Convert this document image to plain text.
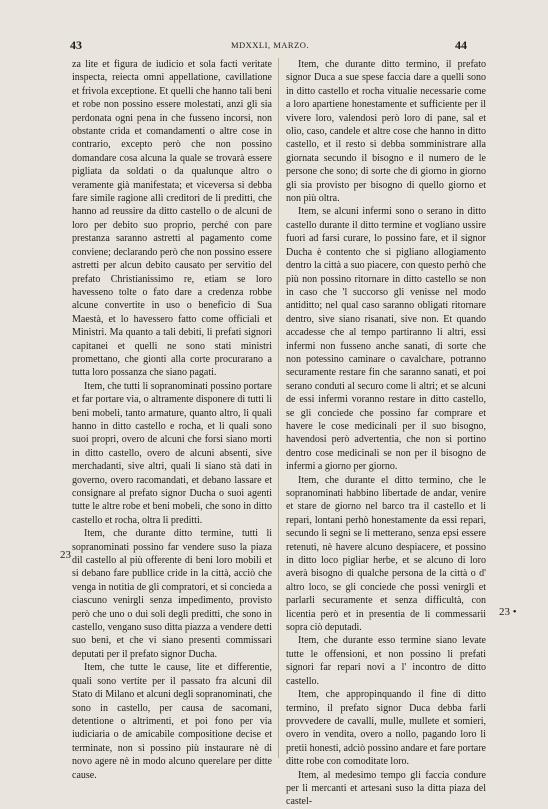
43	MDXXLI, MARZO.	44

za lite et figura de iudicio et sola facti veritate inspecta, reiecta omni appellatione, cavillatione et frivola exceptione. Et quelli che hanno tali beni et robe non possino essere molestati, anzi gli sia perdonata ogni pena in che fusseno incorsi, non obstante crida et comandamenti o altre cose in contrario, excepto però che non possino domandare cosa alcuna la quale se trovarà essere pigliata da soldati o da qualunque altro o veramente già manifestata; et viceversa si debba fare simile ragione alli creditori de li preditti, che hanno ad reussire da ditto castello o de alcuni de loro per debito suo proprio, perché con pare prestanza saranno astretti al pagamento come conviene; declarando però che non possino essere astretti per alcun debito causato per servitio del prefato Christianissimo re, etiam se loro havesseno tolte o fato dare a credenza robbe alcune convertite in uso o beneficio di Sua Maestà, et lo havessero fatto come officiali et Ministri. Ma quanto a tali debiti, li prefati signori capitanei et quelli ne sono stati ministri promettano, che gionti alla corte procurarano a tutta loro possanza che siano pagati.

Item, che tutti li sopranominati possino portare et far portare via, o altramente disponere di tutti li beni mobeli, tanto armature, quanto altro, li quali hanno in ditto castello e rocha, et li quali sono suoi propri, overo de alcuni che forsi siano morti in ditto castello, overo de alcuni absenti, sive merchadanti, sive altri, quali li siano stà dati in governo, overo racomandati, et debano lassare et consignare al prefato signor Ducha o suoi agenti tutte le altre robe et beni mobeli, che sono in ditto castello et rocha, oltra li preditti.

Item, che durante ditto termine, tutti li sopranominati possino far vendere suso la piaza dil castello al più offerente di beni loro mobili et si debano fare publlice cride in la città, acciò che venga in notitia de gli compratori, et si concieda a ciascuno venirgli senza impedimento, provisto però che uno o dui soli degli preditti, che sono in castello, vengano suso ditta piazza a vendere detti suo beni, et che vi siano presenti commissari deputati per il prefato signor Ducha.

Item, che tutte le cause, lite et differentie, quali sono vertite per il passato fra alcuni dil Stato di Milano et alcuni degli sopranominati, che sono in castello, per causa de sacomani, detentione o altrimenti, et poi fono per via iudiciaria o de amicabile compositione decise et terminate, non si possino più instaurare nè di novo agere nè in modo alcuno querelare per ditte cause.

Item, che durante ditto termino, il prefato signor Duca a sue spese faccia dare a quelli sono in ditto castello et rocha vitualie necessarie come a loro apartiene honestamente et sufficiente per il vivere loro, valendosi però loro di pane, sal et olio, caso, candele et altre cose che hanno in ditto castello, et il resto si debba somministrare alla giornata secundo il bisogno e il numero de le persone che sono; di sorte che di giorno in giorno gli sia provisto per bisogno di quello giorno et non più oltra.

Item, se alcuni infermi sono o serano in ditto castello durante il ditto termine et vogliano ussire fuori ad farsi curare, lo possino fare, et il signor Ducha è contento che si pigliano allogiamento dentro la città a suo piacere, con questo perhò che più non possino ritornare in ditto castello se non in caso che 'l succorso gli venisse nel modo antiditto; nel qual caso saranno obligati ritornare dentro, sive siano risanati, sive non. Et quando accadesse che al tempo partiranno li altri, essi infermi non fusseno anche sanati, di sorte che non potessino caminare o cavalchare, potranno securamente restare fin che saranno sanati, et poi serano conduti al securo come li altri; et se alcuni de essi infermi voranno restare in ditto castello, se gli conciede che possino far comprare et havere le cose medicinali per il suo bisogno, havendosi però advertentia, che non si portino dentro cose medicinali se non per il bisogno de infermi a giorno per giorno.

Item, che durante el ditto termino, che le sopranominati habbino libertade de andar, venire et stare de giorno nel barco tra il castello et li repari, lontani perhò honestamente da essi repari, secundo li segni se li metterano, senza epsi essere retenuti, nè havere alcuno despiacere, et possino in ditto loco pigliar herbe, et se alcuno di loro averà bisogno di qualche persona de la città o d' altro loco, se gli conciede che possi venirgli et parlarli securamente et senza difficultà, con licentia però et in presentia de li commessarii sopra ciò deputadi.

Item, che durante esso termine siano levate tutte le offensioni, et non possino li prefati signori far repari novi a l' incontro de ditto castello.

Item, che appropinquando il fine di ditto termino, il prefato signor Duca debba farli provvedere de cavalli, mulle, mullete et somieri, overo in vendita, overo a nollo, pagando loro li pretii honesti, adciò possino andare et fare portare ditte robe con comoditate loro.

Item, al medesimo tempo gli faccia condure per li mercanti et artesani suso la ditta piaza del castel-

23
23 •
